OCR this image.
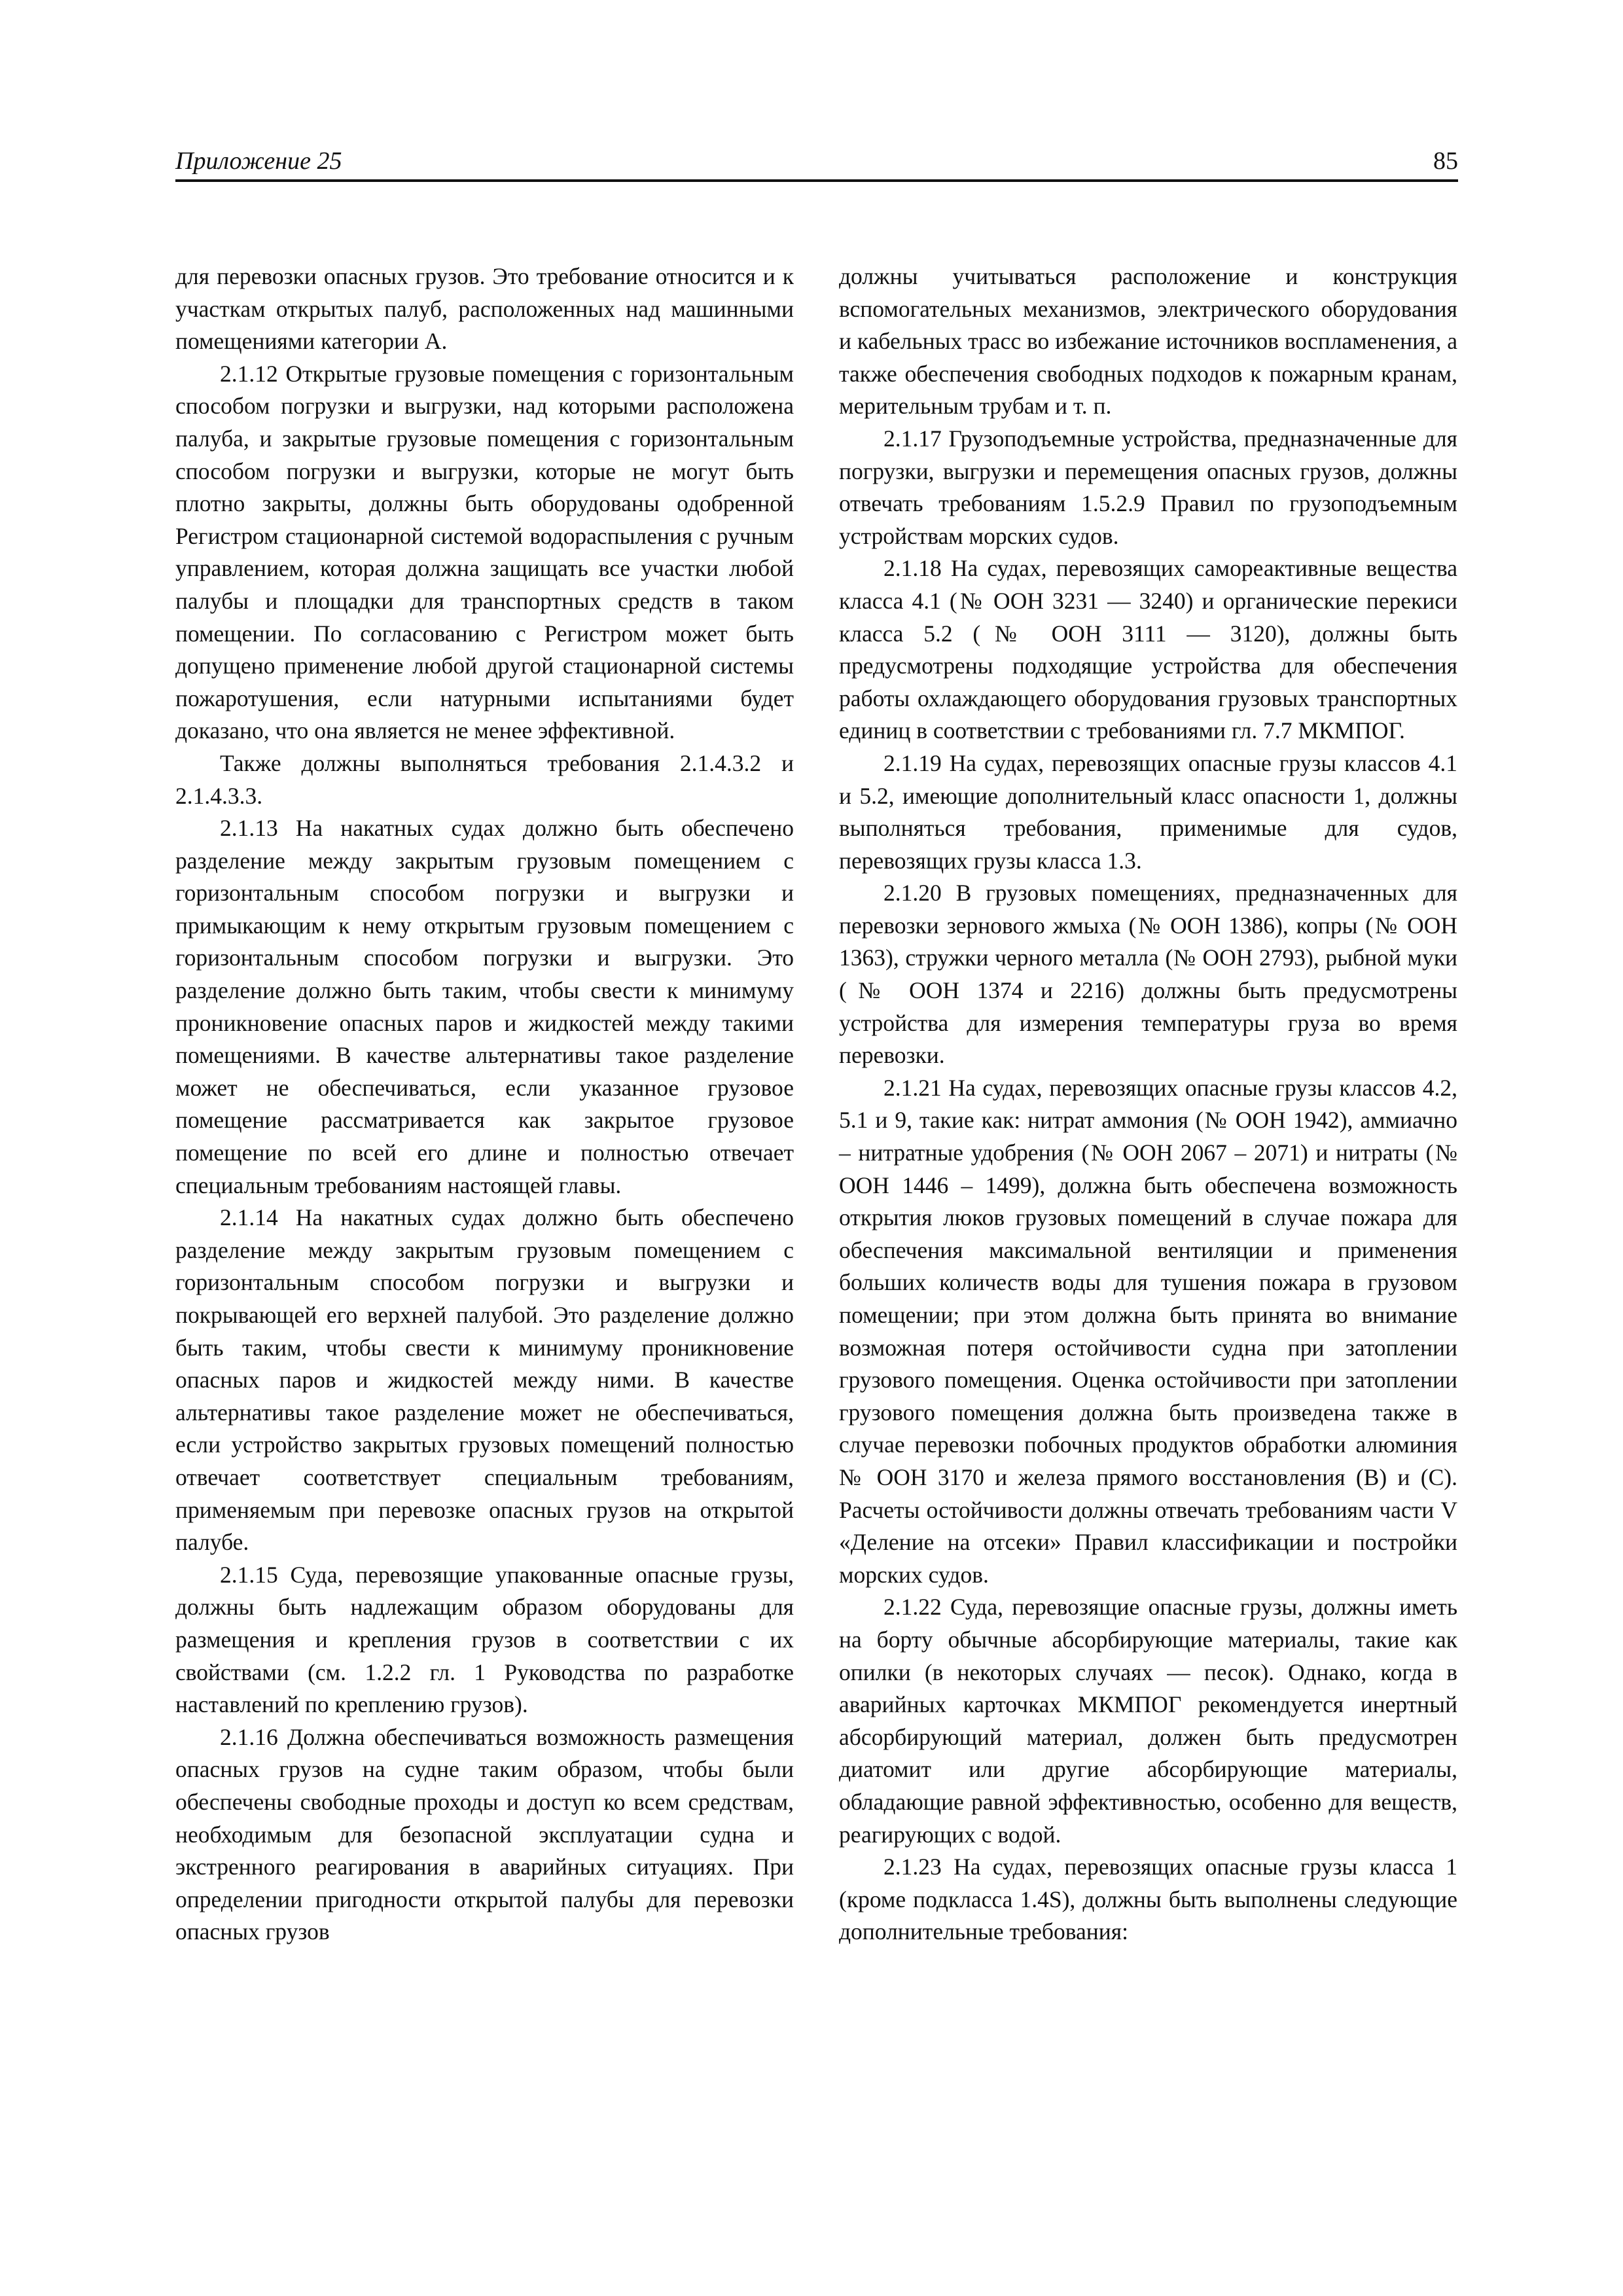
Приложение 25	85

для перевозки опасных грузов. Это требование относится и к участкам открытых палуб, расположенных над машинными помещениями категории А.

2.1.12 Открытые грузовые помещения с горизонтальным способом погрузки и выгрузки, над которыми расположена палуба, и закрытые грузовые помещения с горизонтальным способом погрузки и выгрузки, которые не могут быть плотно закрыты, должны быть оборудованы одобренной Регистром стационарной системой водораспыления с ручным управлением, которая должна защищать все участки любой палубы и площадки для транспортных средств в таком помещении. По согласованию с Регистром может быть допущено применение любой другой стационарной системы пожаротушения, если натурными испытаниями будет доказано, что она является не менее эффективной.

Также должны выполняться требования 2.1.4.3.2 и 2.1.4.3.3.

2.1.13 На накатных судах должно быть обеспечено разделение между закрытым грузовым помещением с горизонтальным способом погрузки и выгрузки и примыкающим к нему открытым грузовым помещением с горизонтальным способом погрузки и выгрузки. Это разделение должно быть таким, чтобы свести к минимуму проникновение опасных паров и жидкостей между такими помещениями. В качестве альтернативы такое разделение может не обеспечиваться, если указанное грузовое помещение рассматривается как закрытое грузовое помещение по всей его длине и полностью отвечает специальным требованиям настоящей главы.

2.1.14 На накатных судах должно быть обеспечено разделение между закрытым грузовым помещением с горизонтальным способом погрузки и выгрузки и покрывающей его верхней палубой. Это разделение должно быть таким, чтобы свести к минимуму проникновение опасных паров и жидкостей между ними. В качестве альтернативы такое разделение может не обеспечиваться, если устройство закрытых грузовых помещений полностью отвечает соответствует специальным требованиям, применяемым при перевозке опасных грузов на открытой палубе.

2.1.15 Суда, перевозящие упакованные опасные грузы, должны быть надлежащим образом оборудованы для размещения и крепления грузов в соответствии с их свойствами (см. 1.2.2 гл. 1 Руководства по разработке наставлений по креплению грузов).

2.1.16 Должна обеспечиваться возможность размещения опасных грузов на судне таким образом, чтобы были обеспечены свободные проходы и доступ ко всем средствам, необходимым для безопасной эксплуатации судна и экстренного реагирования в аварийных ситуациях. При определении пригодности открытой палубы для перевозки опасных грузов

должны учитываться расположение и конструкция вспомогательных механизмов, электрического оборудования и кабельных трасс во избежание источников воспламенения, а также обеспечения свободных подходов к пожарным кранам, мерительным трубам и т. п.

2.1.17 Грузоподъемные устройства, предназначенные для погрузки, выгрузки и перемещения опасных грузов, должны отвечать требованиям 1.5.2.9 Правил по грузоподъемным устройствам морских судов.

2.1.18 На судах, перевозящих самореактивные вещества класса 4.1 (№ ООН 3231 — 3240) и органические перекиси класса 5.2 (№ ООН 3111 — 3120), должны быть предусмотрены подходящие устройства для обеспечения работы охлаждающего оборудования грузовых транспортных единиц в соответствии с требованиями гл. 7.7 МКМПОГ.

2.1.19 На судах, перевозящих опасные грузы классов 4.1 и 5.2, имеющие дополнительный класс опасности 1, должны выполняться требования, применимые для судов, перевозящих грузы класса 1.3.

2.1.20 В грузовых помещениях, предназначенных для перевозки зернового жмыха (№ ООН 1386), копры (№ ООН 1363), стружки черного металла (№ ООН 2793), рыбной муки (№ ООН 1374 и 2216) должны быть предусмотрены устройства для измерения температуры груза во время перевозки.

2.1.21 На судах, перевозящих опасные грузы классов 4.2, 5.1 и 9, такие как: нитрат аммония (№ ООН 1942), аммиачно – нитратные удобрения (№ ООН 2067 – 2071) и нитраты (№ ООН 1446 – 1499), должна быть обеспечена возможность открытия люков грузовых помещений в случае пожара для обеспечения максимальной вентиляции и применения больших количеств воды для тушения пожара в грузовом помещении; при этом должна быть принята во внимание возможная потеря остойчивости судна при затоплении грузового помещения. Оценка остойчивости при затоплении грузового помещения должна быть произведена также в случае перевозки побочных продуктов обработки алюминия № ООН 3170 и железа прямого восстановления (В) и (С). Расчеты остойчивости должны отвечать требованиям части V «Деление на отсеки» Правил классификации и постройки морских судов.

2.1.22 Суда, перевозящие опасные грузы, должны иметь на борту обычные абсорбирующие материалы, такие как опилки (в некоторых случаях — песок). Однако, когда в аварийных карточках МКМПОГ рекомендуется инертный абсорбирующий материал, должен быть предусмотрен диатомит или другие абсорбирующие материалы, обладающие равной эффективностью, особенно для веществ, реагирующих с водой.

2.1.23 На судах, перевозящих опасные грузы класса 1 (кроме подкласса 1.4S), должны быть выполнены следующие дополнительные требования:
